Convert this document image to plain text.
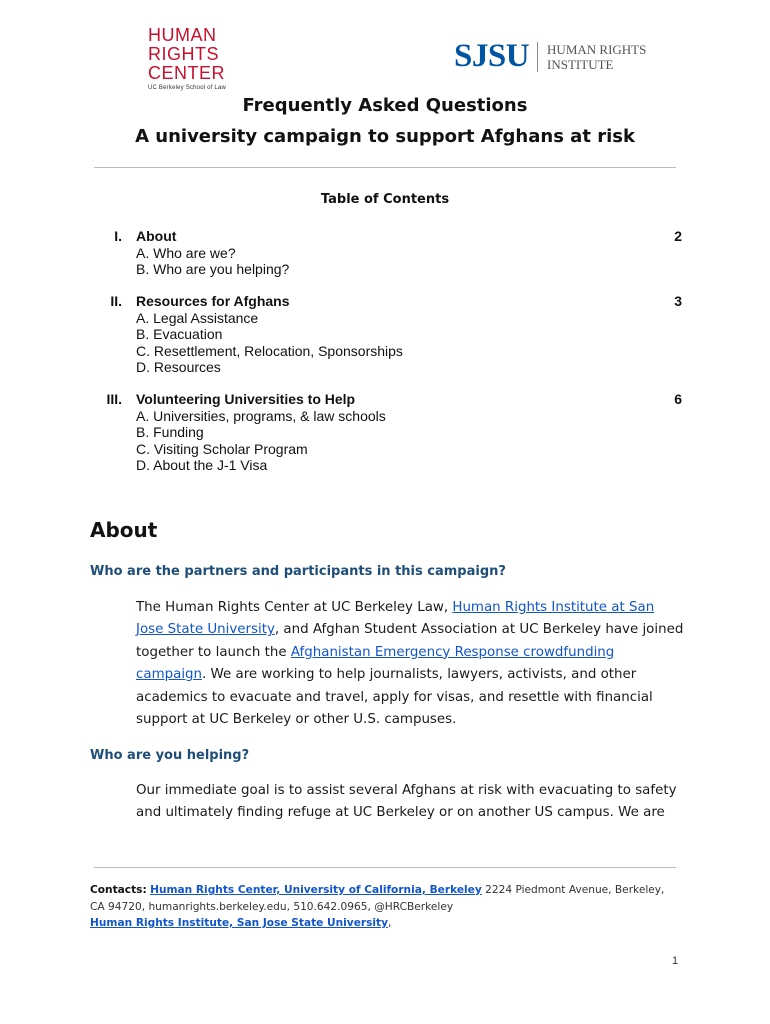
HUMAN
RIGHTS
CENTER
UC Berkeley School of Law
SJSU HUMAN RIGHTS
INSTITUTE
Frequently Asked Questions
A university campaign to support Afghans at risk
Table of Contents
I. About	2
A. Who are we?
B. Who are you helping?
II. Resources for Afghans	3
A. Legal Assistance
B. Evacuation
C. Resettlement, Relocation, Sponsorships
D. Resources
III. Volunteering Universities to Help	6
A. Universities, programs, & law schools
B. Funding
C. Visiting Scholar Program
D. About the J-1 Visa
About
Who are the partners and participants in this campaign?
The Human Rights Center at UC Berkeley Law, Human Rights Institute at San Jose State University, and Afghan Student Association at UC Berkeley have joined together to launch the Afghanistan Emergency Response crowdfunding campaign. We are working to help journalists, lawyers, activists, and other academics to evacuate and travel, apply for visas, and resettle with financial support at UC Berkeley or other U.S. campuses.
Who are you helping?
Our immediate goal is to assist several Afghans at risk with evacuating to safety and ultimately finding refuge at UC Berkeley or on another US campus. We are
Contacts: Human Rights Center, University of California, Berkeley 2224 Piedmont Avenue, Berkeley, CA 94720, humanrights.berkeley.edu, 510.642.0965, @HRCBerkeley
Human Rights Institute, San Jose State University,
1
